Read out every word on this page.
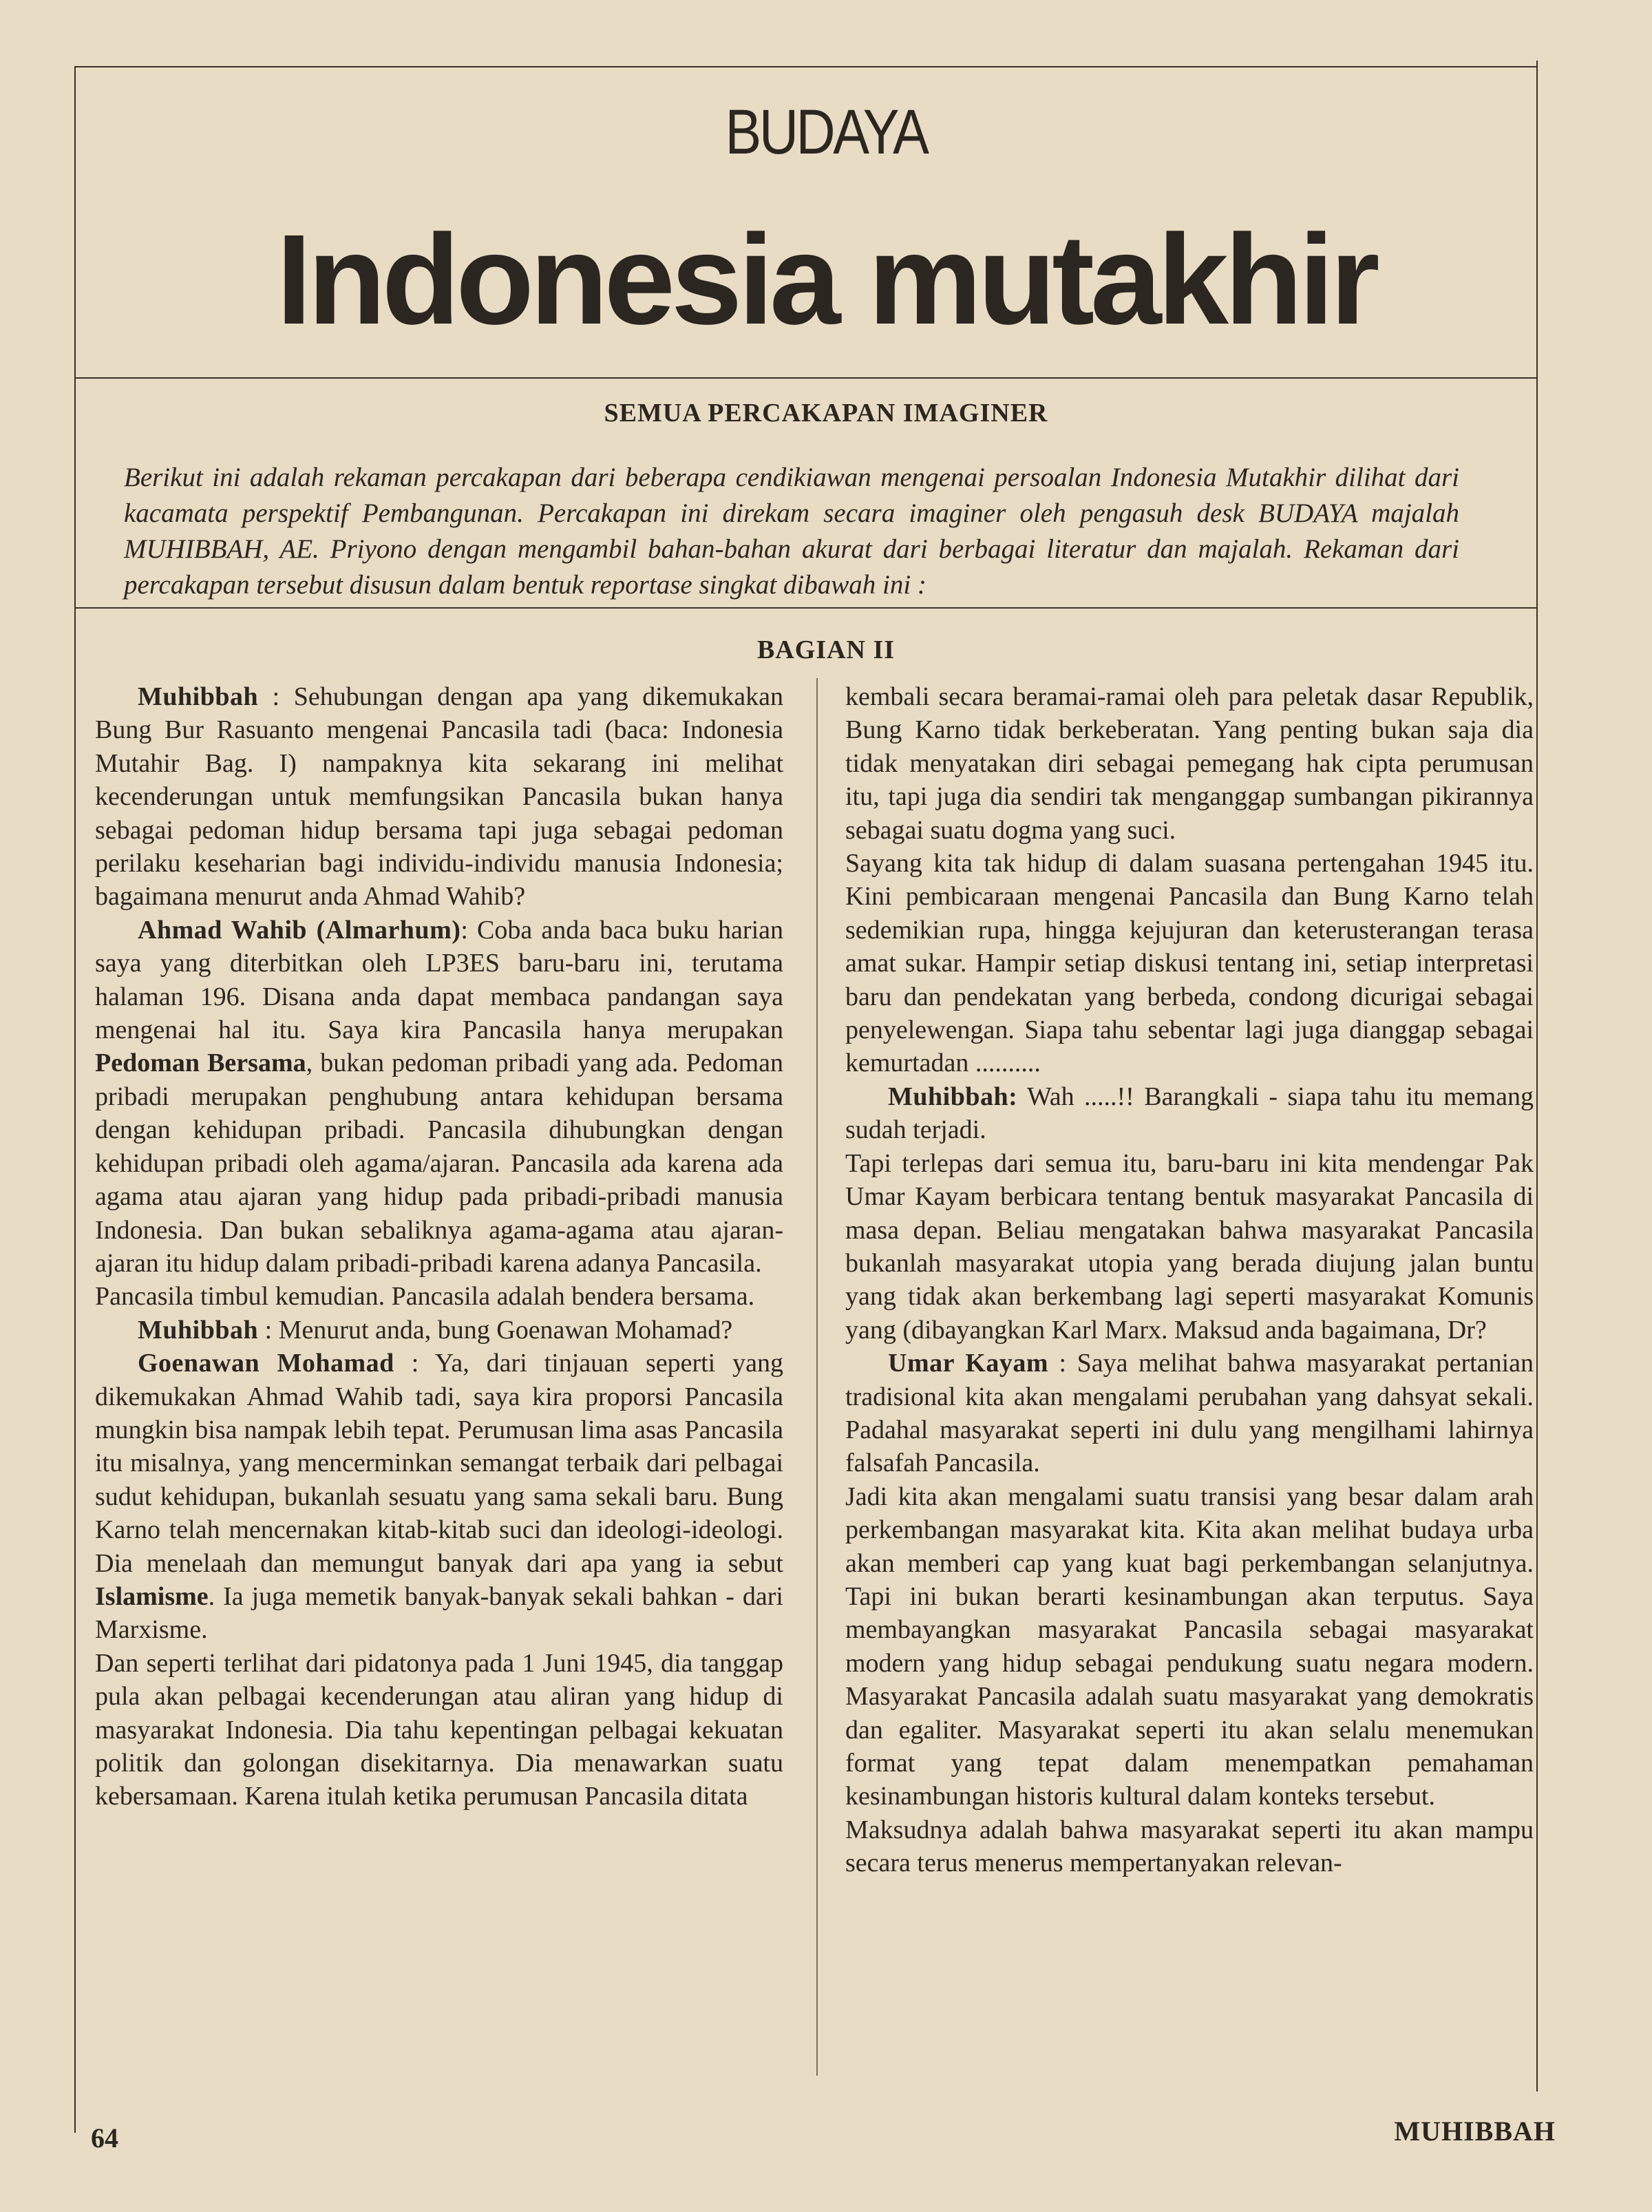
BUDAYA
Indonesia mutakhir
SEMUA PERCAKAPAN IMAGINER
Berikut ini adalah rekaman percakapan dari beberapa cendikiawan mengenai persoalan Indonesia Mutakhir dilihat dari kacamata perspektif Pembangunan. Percakapan ini direkam secara imaginer oleh pengasuh desk BUDAYA majalah MUHIBBAH, AE. Priyono dengan mengambil bahan-bahan akurat dari berbagai literatur dan majalah. Rekaman dari percakapan tersebut disusun dalam bentuk reportase singkat dibawah ini :
BAGIAN II

Muhibbah : Sehubungan dengan apa yang dikemukakan Bung Bur Rasuanto mengenai Pancasila tadi (baca: Indonesia Mutahir Bag. I) nampaknya kita sekarang ini melihat kecenderungan untuk memfungsikan Pancasila bukan hanya sebagai pedoman hidup bersama tapi juga sebagai pedoman perilaku keseharian bagi individu-individu manusia Indonesia; bagaimana menurut anda Ahmad Wahib?

Ahmad Wahib (Almarhum): Coba anda baca buku harian saya yang diterbitkan oleh LP3ES baru-baru ini, terutama halaman 196. Disana anda dapat membaca pandangan saya mengenai hal itu. Saya kira Pancasila hanya merupakan Pedoman Bersama, bukan pedoman pribadi yang ada. Pedoman pribadi merupakan penghubung antara kehidupan bersama dengan kehidupan pribadi. Pancasila dihubungkan dengan kehidupan pribadi oleh agama/ajaran. Pancasila ada karena ada agama atau ajaran yang hidup pada pribadi-pribadi manusia Indonesia. Dan bukan sebaliknya agama-agama atau ajaran-ajaran itu hidup dalam pribadi-pribadi karena adanya Pancasila.

Pancasila timbul kemudian. Pancasila adalah bendera bersama.

Muhibbah : Menurut anda, bung Goenawan Mohamad?

Goenawan Mohamad : Ya, dari tinjauan seperti yang dikemukakan Ahmad Wahib tadi, saya kira proporsi Pancasila mungkin bisa nampak lebih tepat. Perumusan lima asas Pancasila itu misalnya, yang mencerminkan semangat terbaik dari pelbagai sudut kehidupan, bukanlah sesuatu yang sama sekali baru. Bung Karno telah mencernakan kitab-kitab suci dan ideologi-ideologi. Dia menelaah dan memungut banyak dari apa yang ia sebut Islamisme. Ia juga memetik banyak-banyak sekali bahkan - dari Marxisme.

Dan seperti terlihat dari pidatonya pada 1 Juni 1945, dia tanggap pula akan pelbagai kecenderungan atau aliran yang hidup di masyarakat Indonesia. Dia tahu kepentingan pelbagai kekuatan politik dan golongan disekitarnya. Dia menawarkan suatu kebersamaan. Karena itulah ketika perumusan Pancasila ditata

kembali secara beramai-ramai oleh para peletak dasar Republik, Bung Karno tidak berkeberatan. Yang penting bukan saja dia tidak menyatakan diri sebagai pemegang hak cipta perumusan itu, tapi juga dia sendiri tak menganggap sumbangan pikirannya sebagai suatu dogma yang suci.

Sayang kita tak hidup di dalam suasana pertengahan 1945 itu. Kini pembicaraan mengenai Pancasila dan Bung Karno telah sedemikian rupa, hingga kejujuran dan keterusterangan terasa amat sukar. Hampir setiap diskusi tentang ini, setiap interpretasi baru dan pendekatan yang berbeda, condong dicurigai sebagai penyelewengan. Siapa tahu sebentar lagi juga dianggap sebagai kemurtadan ..........

Muhibbah: Wah .....!! Barangkali - siapa tahu itu memang sudah terjadi.

Tapi terlepas dari semua itu, baru-baru ini kita mendengar Pak Umar Kayam berbicara tentang bentuk masyarakat Pancasila di masa depan. Beliau mengatakan bahwa masyarakat Pancasila bukanlah masyarakat utopia yang berada diujung jalan buntu yang tidak akan berkembang lagi seperti masyarakat Komunis yang (dibayangkan Karl Marx. Maksud anda bagaimana, Dr?

Umar Kayam : Saya melihat bahwa masyarakat pertanian tradisional kita akan mengalami perubahan yang dahsyat sekali. Padahal masyarakat seperti ini dulu yang mengilhami lahirnya falsafah Pancasila.

Jadi kita akan mengalami suatu transisi yang besar dalam arah perkembangan masyarakat kita. Kita akan melihat budaya urba akan memberi cap yang kuat bagi perkembangan selanjutnya. Tapi ini bukan berarti kesinambungan akan terputus. Saya membayangkan masyarakat Pancasila sebagai masyarakat modern yang hidup sebagai pendukung suatu negara modern. Masyarakat Pancasila adalah suatu masyarakat yang demokratis dan egaliter. Masyarakat seperti itu akan selalu menemukan format yang tepat dalam menempatkan pemahaman kesinambungan historis kultural dalam konteks tersebut.

Maksudnya adalah bahwa masyarakat seperti itu akan mampu secara terus menerus mempertanyakan relevan-

64	MUHIBBAH
